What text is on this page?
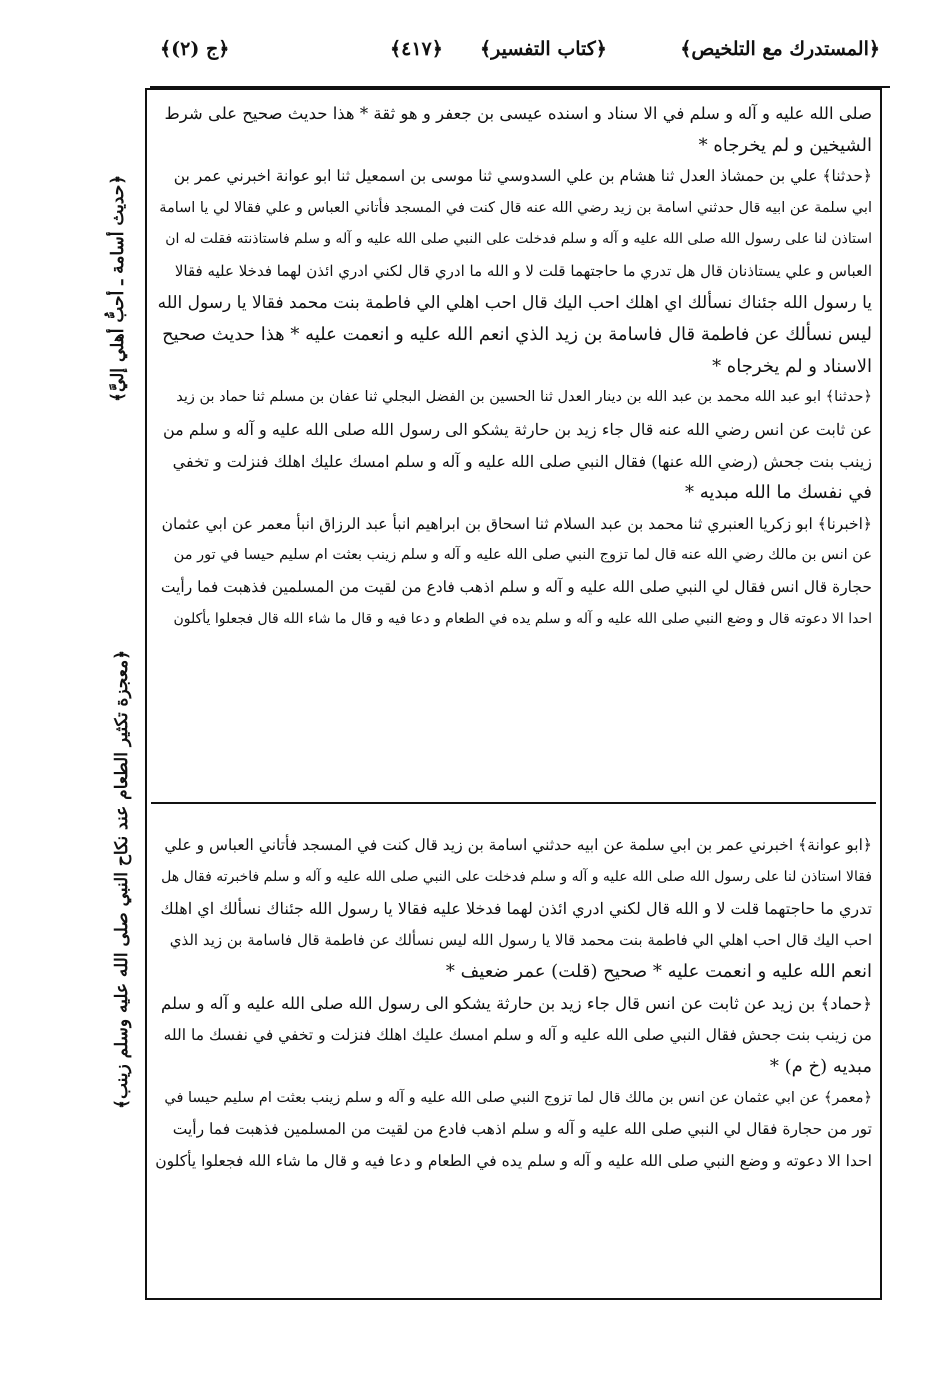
﴿المستدرك مع التلخيص﴾
﴿كتاب التفسير﴾
﴿٤١٧﴾
﴿ج (٢)﴾
﴿حديث أسامة ـ أحبُّ أهلي إليَّ﴾
﴿معجزة تكثير الطعام عند نكاح النبي صلى الله عليه وسلم زينب﴾
صلى الله عليه و آله و سلم في الا سناد و اسنده عيسى بن جعفر و هو ثقة * هذا حديث صحيح على شرط
الشيخين و لم يخرجاه *
﴿حدثنا﴾ علي بن حمشاذ العدل ثنا هشام بن علي السدوسي ثنا موسى بن اسمعيل ثنا ابو عوانة اخبرني عمر بن
ابي سلمة عن ابيه قال حدثني اسامة بن زيد رضي الله عنه قال كنت في المسجد فأتاني العباس و علي فقالا لي يا اسامة
استاذن لنا على رسول الله صلى الله عليه و آله و سلم فدخلت على النبي صلى الله عليه و آله و سلم فاستاذنته فقلت له ان
العباس و علي يستاذنان قال هل تدري ما حاجتهما قلت لا و الله ما ادري قال لكني ادري ائذن لهما فدخلا عليه فقالا
يا رسول الله جئناك نسألك اي اهلك احب اليك قال احب اهلي الي فاطمة بنت محمد فقالا يا رسول الله
ليس نسألك عن فاطمة قال فاسامة بن زيد الذي انعم الله عليه و انعمت عليه * هذا حديث صحيح
الاسناد و لم يخرجاه *
﴿حدثنا﴾ ابو عبد الله محمد بن عبد الله بن دينار العدل ثنا الحسين بن الفضل البجلي ثنا عفان بن مسلم ثنا حماد بن زيد
عن ثابت عن انس رضي الله عنه قال جاء زيد بن حارثة يشكو الى رسول الله صلى الله عليه و آله و سلم من
زينب بنت جحش (رضي الله عنها) فقال النبي صلى الله عليه و آله و سلم امسك عليك اهلك فنزلت و تخفي
في نفسك ما الله مبديه *
﴿اخبرنا﴾ ابو زكريا العنبري ثنا محمد بن عبد السلام ثنا اسحاق بن ابراهيم انبأ عبد الرزاق انبأ معمر عن ابي عثمان
عن انس بن مالك رضي الله عنه قال لما تزوج النبي صلى الله عليه و آله و سلم زينب بعثت ام سليم حيسا في تور من
حجارة قال انس فقال لي النبي صلى الله عليه و آله و سلم اذهب فادع من لقيت من المسلمين فذهبت فما رأيت
احدا الا دعوته قال و وضع النبي صلى الله عليه و آله و سلم يده في الطعام و دعا فيه و قال ما شاء الله قال فجعلوا يأكلون
﴿ابو عوانة﴾ اخبرني عمر بن ابي سلمة عن ابيه حدثني اسامة بن زيد قال كنت في المسجد فأتاني العباس و علي
فقالا استاذن لنا على رسول الله صلى الله عليه و آله و سلم فدخلت على النبي صلى الله عليه و آله و سلم فاخبرته فقال هل
تدري ما حاجتهما قلت لا و الله قال لكني ادري ائذن لهما فدخلا عليه فقالا يا رسول الله جئناك نسألك اي اهلك
احب اليك قال احب اهلي الي فاطمة بنت محمد قالا يا رسول الله ليس نسألك عن فاطمة قال فاسامة بن زيد الذي
انعم الله عليه و انعمت عليه * صحيح (قلت) عمر ضعيف *
﴿حماد﴾ بن زيد عن ثابت عن انس قال جاء زيد بن حارثة يشكو الى رسول الله صلى الله عليه و آله و سلم
من زينب بنت جحش فقال النبي صلى الله عليه و آله و سلم امسك عليك اهلك فنزلت و تخفي في نفسك ما الله
مبديه (خ م) *
﴿معمر﴾ عن ابي عثمان عن انس بن مالك قال لما تزوج النبي صلى الله عليه و آله و سلم زينب بعثت ام سليم حيسا في
تور من حجارة فقال لي النبي صلى الله عليه و آله و سلم اذهب فادع من لقيت من المسلمين فذهبت فما رأيت
احدا الا دعوته و وضع النبي صلى الله عليه و آله و سلم يده في الطعام و دعا فيه و قال ما شاء الله فجعلوا يأكلون
